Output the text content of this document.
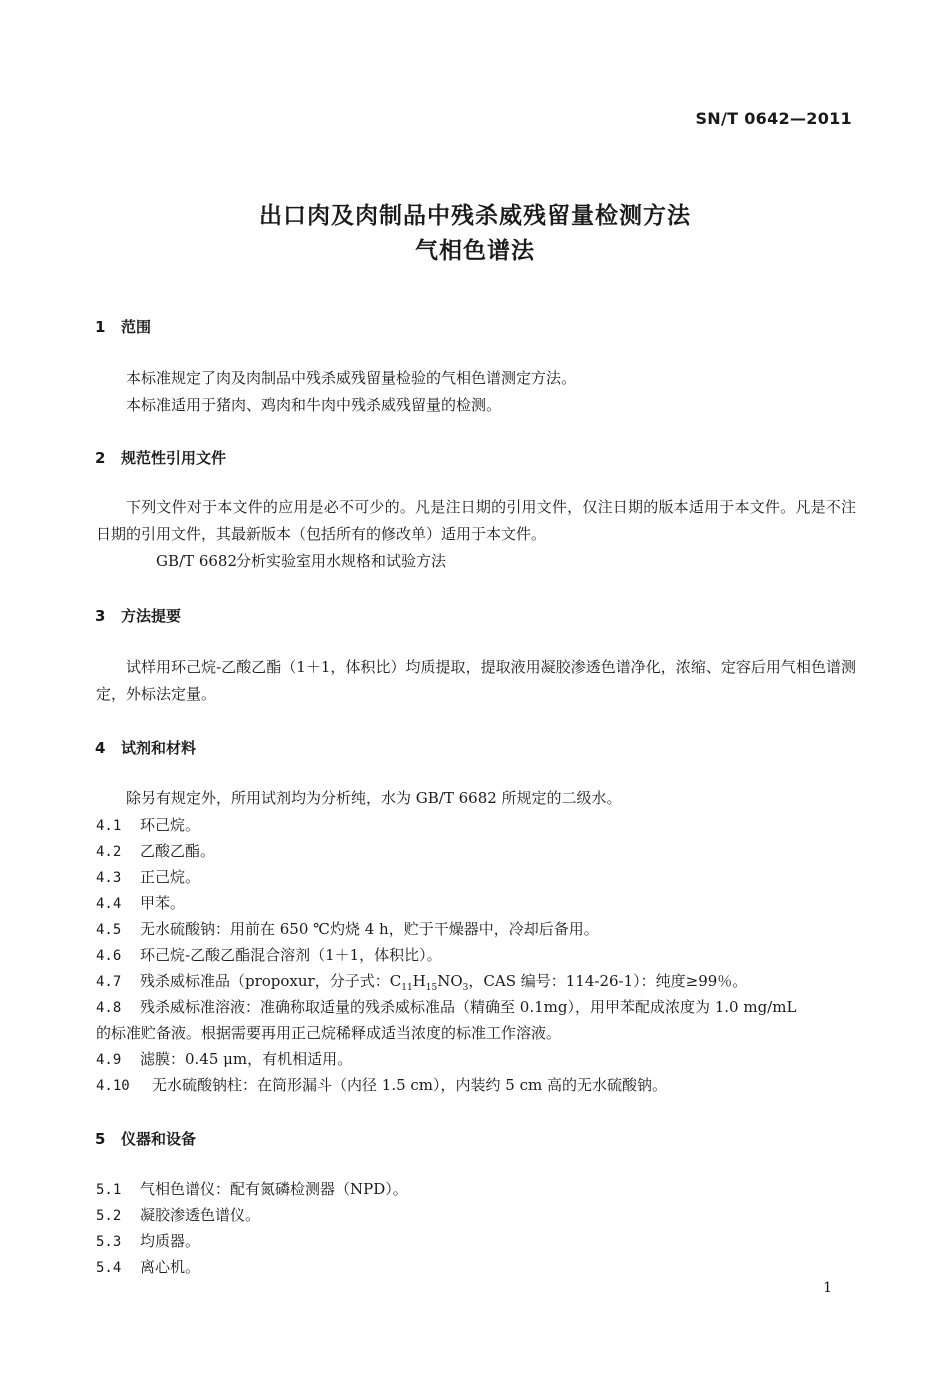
SN/T 0642—2011
出口肉及肉制品中残杀威残留量检测方法
气相色谱法
1 范围
本标准规定了肉及肉制品中残杀威残留量检验的气相色谱测定方法。
本标准适用于猪肉、鸡肉和牛肉中残杀威残留量的检测。
2 规范性引用文件
下列文件对于本文件的应用是必不可少的。凡是注日期的引用文件，仅注日期的版本适用于本文件。凡是不注日期的引用文件，其最新版本（包括所有的修改单）适用于本文件。
GB/T 6682分析实验室用水规格和试验方法
3 方法提要
试样用环己烷-乙酸乙酯（1＋1，体积比）均质提取，提取液用凝胶渗透色谱净化，浓缩、定容后用气相色谱测定，外标法定量。
4 试剂和材料
除另有规定外，所用试剂均为分析纯，水为 GB/T 6682 所规定的二级水。
4.1 环己烷。
4.2 乙酸乙酯。
4.3 正己烷。
4.4 甲苯。
4.5 无水硫酸钠：用前在 650 ℃灼烧 4 h，贮于干燥器中，冷却后备用。
4.6 环己烷-乙酸乙酯混合溶剂（1＋1，体积比）。
4.7 残杀威标准品（propoxur，分子式：$C_{11}H_{15}NO_3$，CAS 编号：114-26-1）：纯度≥99％。
4.8 残杀威标准溶液：准确称取适量的残杀威标准品（精确至 0.1mg），用甲苯配成浓度为 1.0 mg/mL
的标准贮备液。根据需要再用正己烷稀释成适当浓度的标准工作溶液。
4.9 滤膜：0.45 μm，有机相适用。
4.10 无水硫酸钠柱：在筒形漏斗（内径 1.5 cm），内装约 5 cm 高的无水硫酸钠。
5 仪器和设备
5.1 气相色谱仪：配有氮磷检测器（NPD）。
5.2 凝胶渗透色谱仪。
5.3 均质器。
5.4 离心机。
1
